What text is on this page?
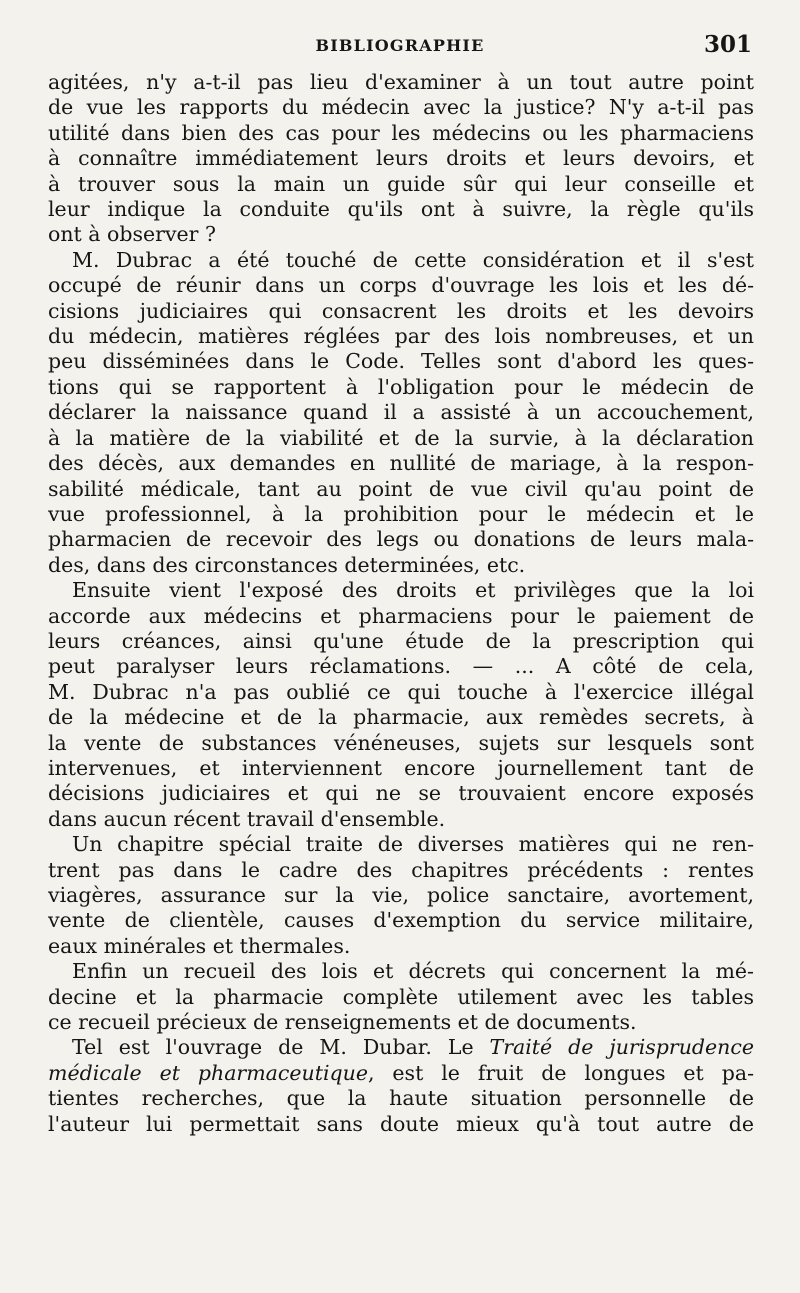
BIBLIOGRAPHIE	301
agitées, n'y a-t-il pas lieu d'examiner à un tout autre point
de vue les rapports du médecin avec la justice? N'y a-t-il pas
utilité dans bien des cas pour les médecins ou les pharmaciens
à connaître immédiatement leurs droits et leurs devoirs, et
à trouver sous la main un guide sûr qui leur conseille et
leur indique la conduite qu'ils ont à suivre, la règle qu'ils
ont à observer ?
M. Dubrac a été touché de cette considération et il s'est
occupé de réunir dans un corps d'ouvrage les lois et les dé-
cisions judiciaires qui consacrent les droits et les devoirs
du médecin, matières réglées par des lois nombreuses, et un
peu disséminées dans le Code. Telles sont d'abord les ques-
tions qui se rapportent à l'obligation pour le médecin de
déclarer la naissance quand il a assisté à un accouchement,
à la matière de la viabilité et de la survie, à la déclaration
des décès, aux demandes en nullité de mariage, à la respon-
sabilité médicale, tant au point de vue civil qu'au point de
vue professionnel, à la prohibition pour le médecin et le
pharmacien de recevoir des legs ou donations de leurs mala-
des, dans des circonstances determinées, etc.
Ensuite vient l'exposé des droits et privilèges que la loi
accorde aux médecins et pharmaciens pour le paiement de
leurs créances, ainsi qu'une étude de la prescription qui
peut paralyser leurs réclamations. — ... A côté de cela,
M. Dubrac n'a pas oublié ce qui touche à l'exercice illégal
de la médecine et de la pharmacie, aux remèdes secrets, à
la vente de substances vénéneuses, sujets sur lesquels sont
intervenues, et interviennent encore journellement tant de
décisions judiciaires et qui ne se trouvaient encore exposés
dans aucun récent travail d'ensemble.
Un chapitre spécial traite de diverses matières qui ne ren-
trent pas dans le cadre des chapitres précédents : rentes
viagères, assurance sur la vie, police sanctaire, avortement,
vente de clientèle, causes d'exemption du service militaire,
eaux minérales et thermales.
Enfin un recueil des lois et décrets qui concernent la mé-
decine et la pharmacie complète utilement avec les tables
ce recueil précieux de renseignements et de documents.
Tel est l'ouvrage de M. Dubar. Le Traité de jurisprudence
médicale et pharmaceutique, est le fruit de longues et pa-
tientes recherches, que la haute situation personnelle de
l'auteur lui permettait sans doute mieux qu'à tout autre de
